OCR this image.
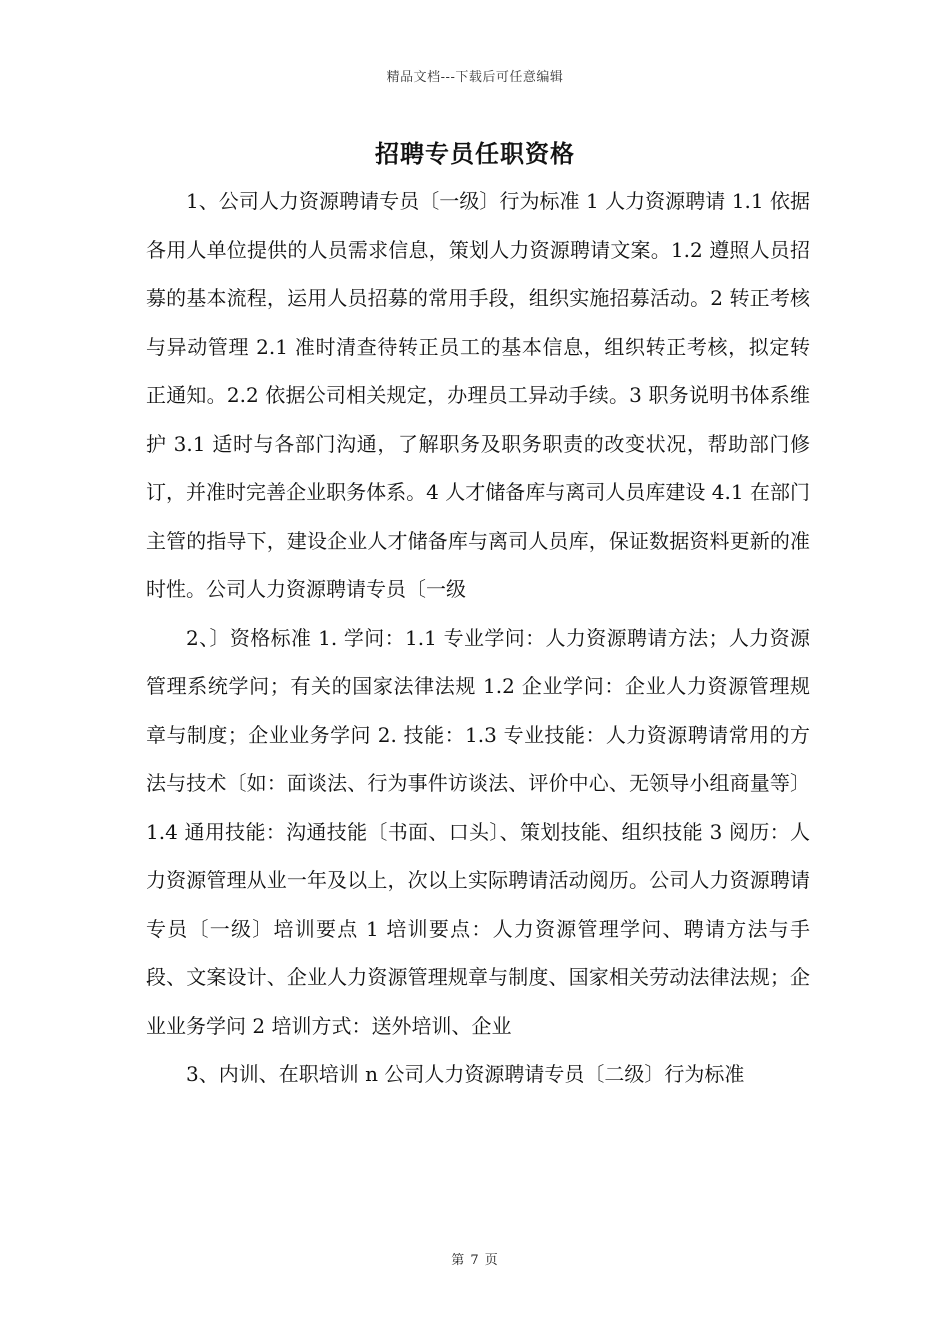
精品文档---下载后可任意编辑
招聘专员任职资格

1、公司人力资源聘请专员〔一级〕行为标准 1 人力资源聘请 1.1 依据各用人单位提供的人员需求信息，策划人力资源聘请文案。1.2 遵照人员招募的基本流程，运用人员招募的常用手段，组织实施招募活动。2 转正考核与异动管理 2.1 准时清查待转正员工的基本信息，组织转正考核，拟定转正通知。2.2 依据公司相关规定，办理员工异动手续。3 职务说明书体系维护 3.1 适时与各部门沟通，了解职务及职务职责的改变状况，帮助部门修订，并准时完善企业职务体系。4 人才储备库与离司人员库建设 4.1 在部门主管的指导下，建设企业人才储备库与离司人员库，保证数据资料更新的准时性。公司人力资源聘请专员〔一级

2、〕资格标准 1. 学问：1.1 专业学问：人力资源聘请方法；人力资源管理系统学问；有关的国家法律法规 1.2 企业学问：企业人力资源管理规章与制度；企业业务学问 2. 技能：1.3 专业技能：人力资源聘请常用的方法与技术〔如：面谈法、行为事件访谈法、评价中心、无领导小组商量等〕1.4 通用技能：沟通技能〔书面、口头〕、策划技能、组织技能 3 阅历：人力资源管理从业一年及以上，次以上实际聘请活动阅历。公司人力资源聘请专员〔一级〕培训要点 1 培训要点：人力资源管理学问、聘请方法与手段、文案设计、企业人力资源管理规章与制度、国家相关劳动法律法规；企业业务学问 2 培训方式：送外培训、企业

3、内训、在职培训 n 公司人力资源聘请专员〔二级〕行为标准

第 7 页
